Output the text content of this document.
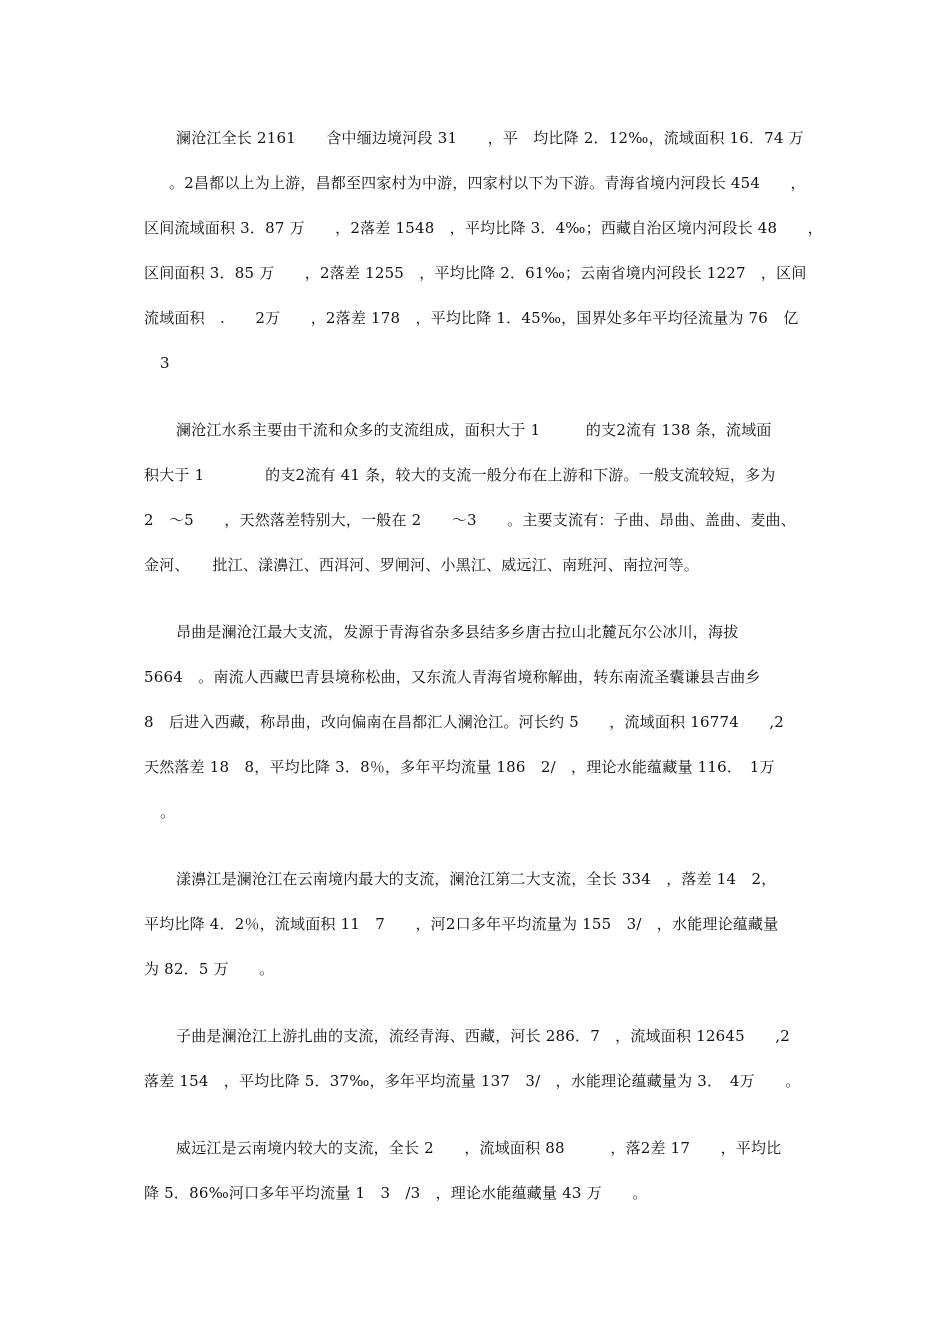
澜沧江全长 2161　　含中缅边境河段 31　　，平　均比降 2．12‰，流域面积 16．74 万
。2昌都以上为上游，昌都至四家村为中游，四家村以下为下游。青海省境内河段长 454　　，
区间流域面积 3．87 万　　，2落差 1548　，平均比降 3．4‰；西藏自治区境内河段长 48　　，
区间面积 3．85 万　　，2落差 1255　，平均比降 2．61‰；云南省境内河段长 1227　，区间
流域面积　.　　2万　　，2落差 178　，平均比降 1．45‰，国界处多年平均径流量为 76　亿
3
澜沧江水系主要由干流和众多的支流组成，面积大于 1　　　的支2流有 138 条，流域面
积大于 1　　　　的支2流有 41 条，较大的支流一般分布在上游和下游。一般支流较短，多为
2　～5　　，天然落差特别大，一般在 2　　～3　　。主要支流有：子曲、昂曲、盖曲、麦曲、
金河、　　批江、漾濞江、西洱河、罗闸河、小黑江、威远江、南班河、南拉河等。
昂曲是澜沧江最大支流，发源于青海省杂多县结多乡唐古拉山北麓瓦尔公冰川，海拔
5664　。南流人西藏巴青县境称松曲，又东流人青海省境称解曲，转东南流圣囊谦县吉曲乡
8　后进入西藏，称昂曲，改向偏南在昌都汇人澜沧江。河长约 5　　，流域面积 16774　　,2
天然落差 18　8，平均比降 3．8％，多年平均流量 186　2/　，理论水能蕴藏量 116．　1万
。
漾濞江是澜沧江在云南境内最大的支流，澜沧江第二大支流，全长 334　，落差 14　2，
平均比降 4．2％，流域面积 11　7　　，河2口多年平均流量为 155　3/　，水能理论蕴藏量
为 82．5 万　　。
子曲是澜沧江上游扎曲的支流，流经青海、西藏，河长 286．7　，流域面积 12645　　,2
落差 154　，平均比降 5．37‰，多年平均流量 137　3/　，水能理论蕴藏量为 3．　4万　　。
威远江是云南境内较大的支流，全长 2　　，流域面积 88　　　，落2差 17　　，平均比
降 5．86‰河口多年平均流量 1　3　/3　，理论水能蕴藏量 43 万　　。
